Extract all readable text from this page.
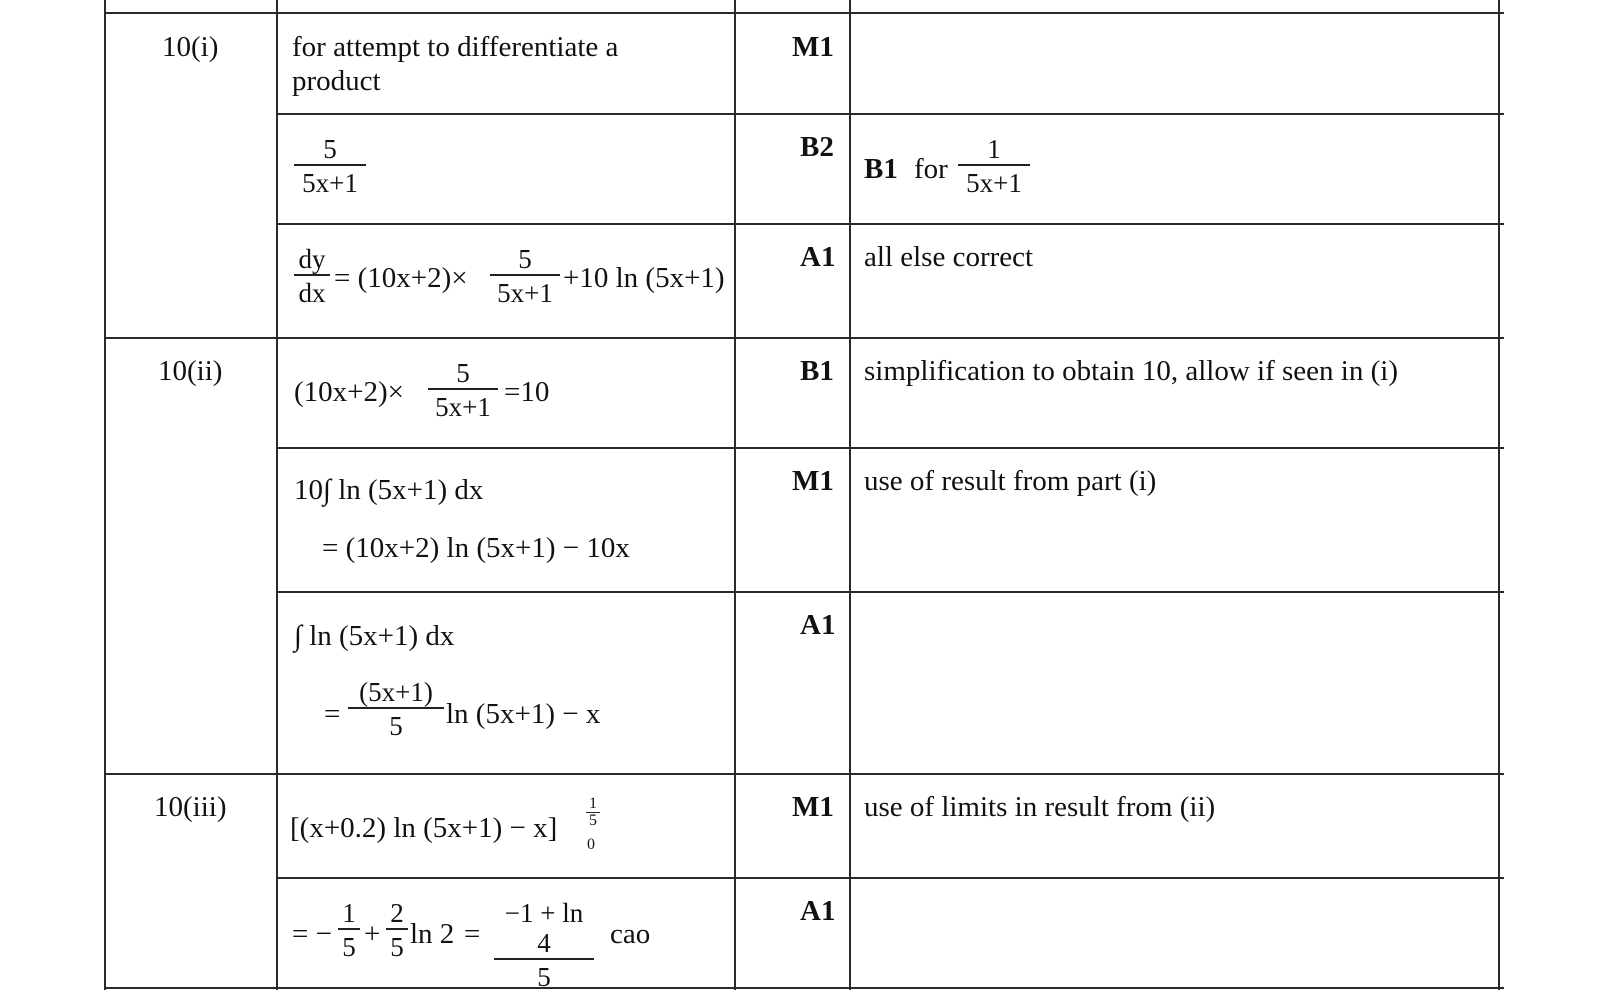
10(i)	for attempt to differentiate a
product
M1
5
5x+1
B2
B1 for
1
5x+1
dy
dx = (10x+2)×
5
5x+1 +10 ln (5x+1)
A1 all else correct
10(ii)
(10x+2)×
5
5x+1 =10
B1 simplification to obtain 10, allow if seen in (i)
10∫ ln (5x+1) dx
= (10x+2) ln (5x+1) − 10x
M1 use of result from part (i)
∫ ln (5x+1) dx
=
(5x+1)
5	ln (5x+1) − x
A1
10(iii)
[(x+0.2) ln (5x+1) − x]
1
5
0
M1 use of limits in result from (ii)
= −
1
5 +
2
5 ln 2 =
−1 + ln 4
5
cao
A1
